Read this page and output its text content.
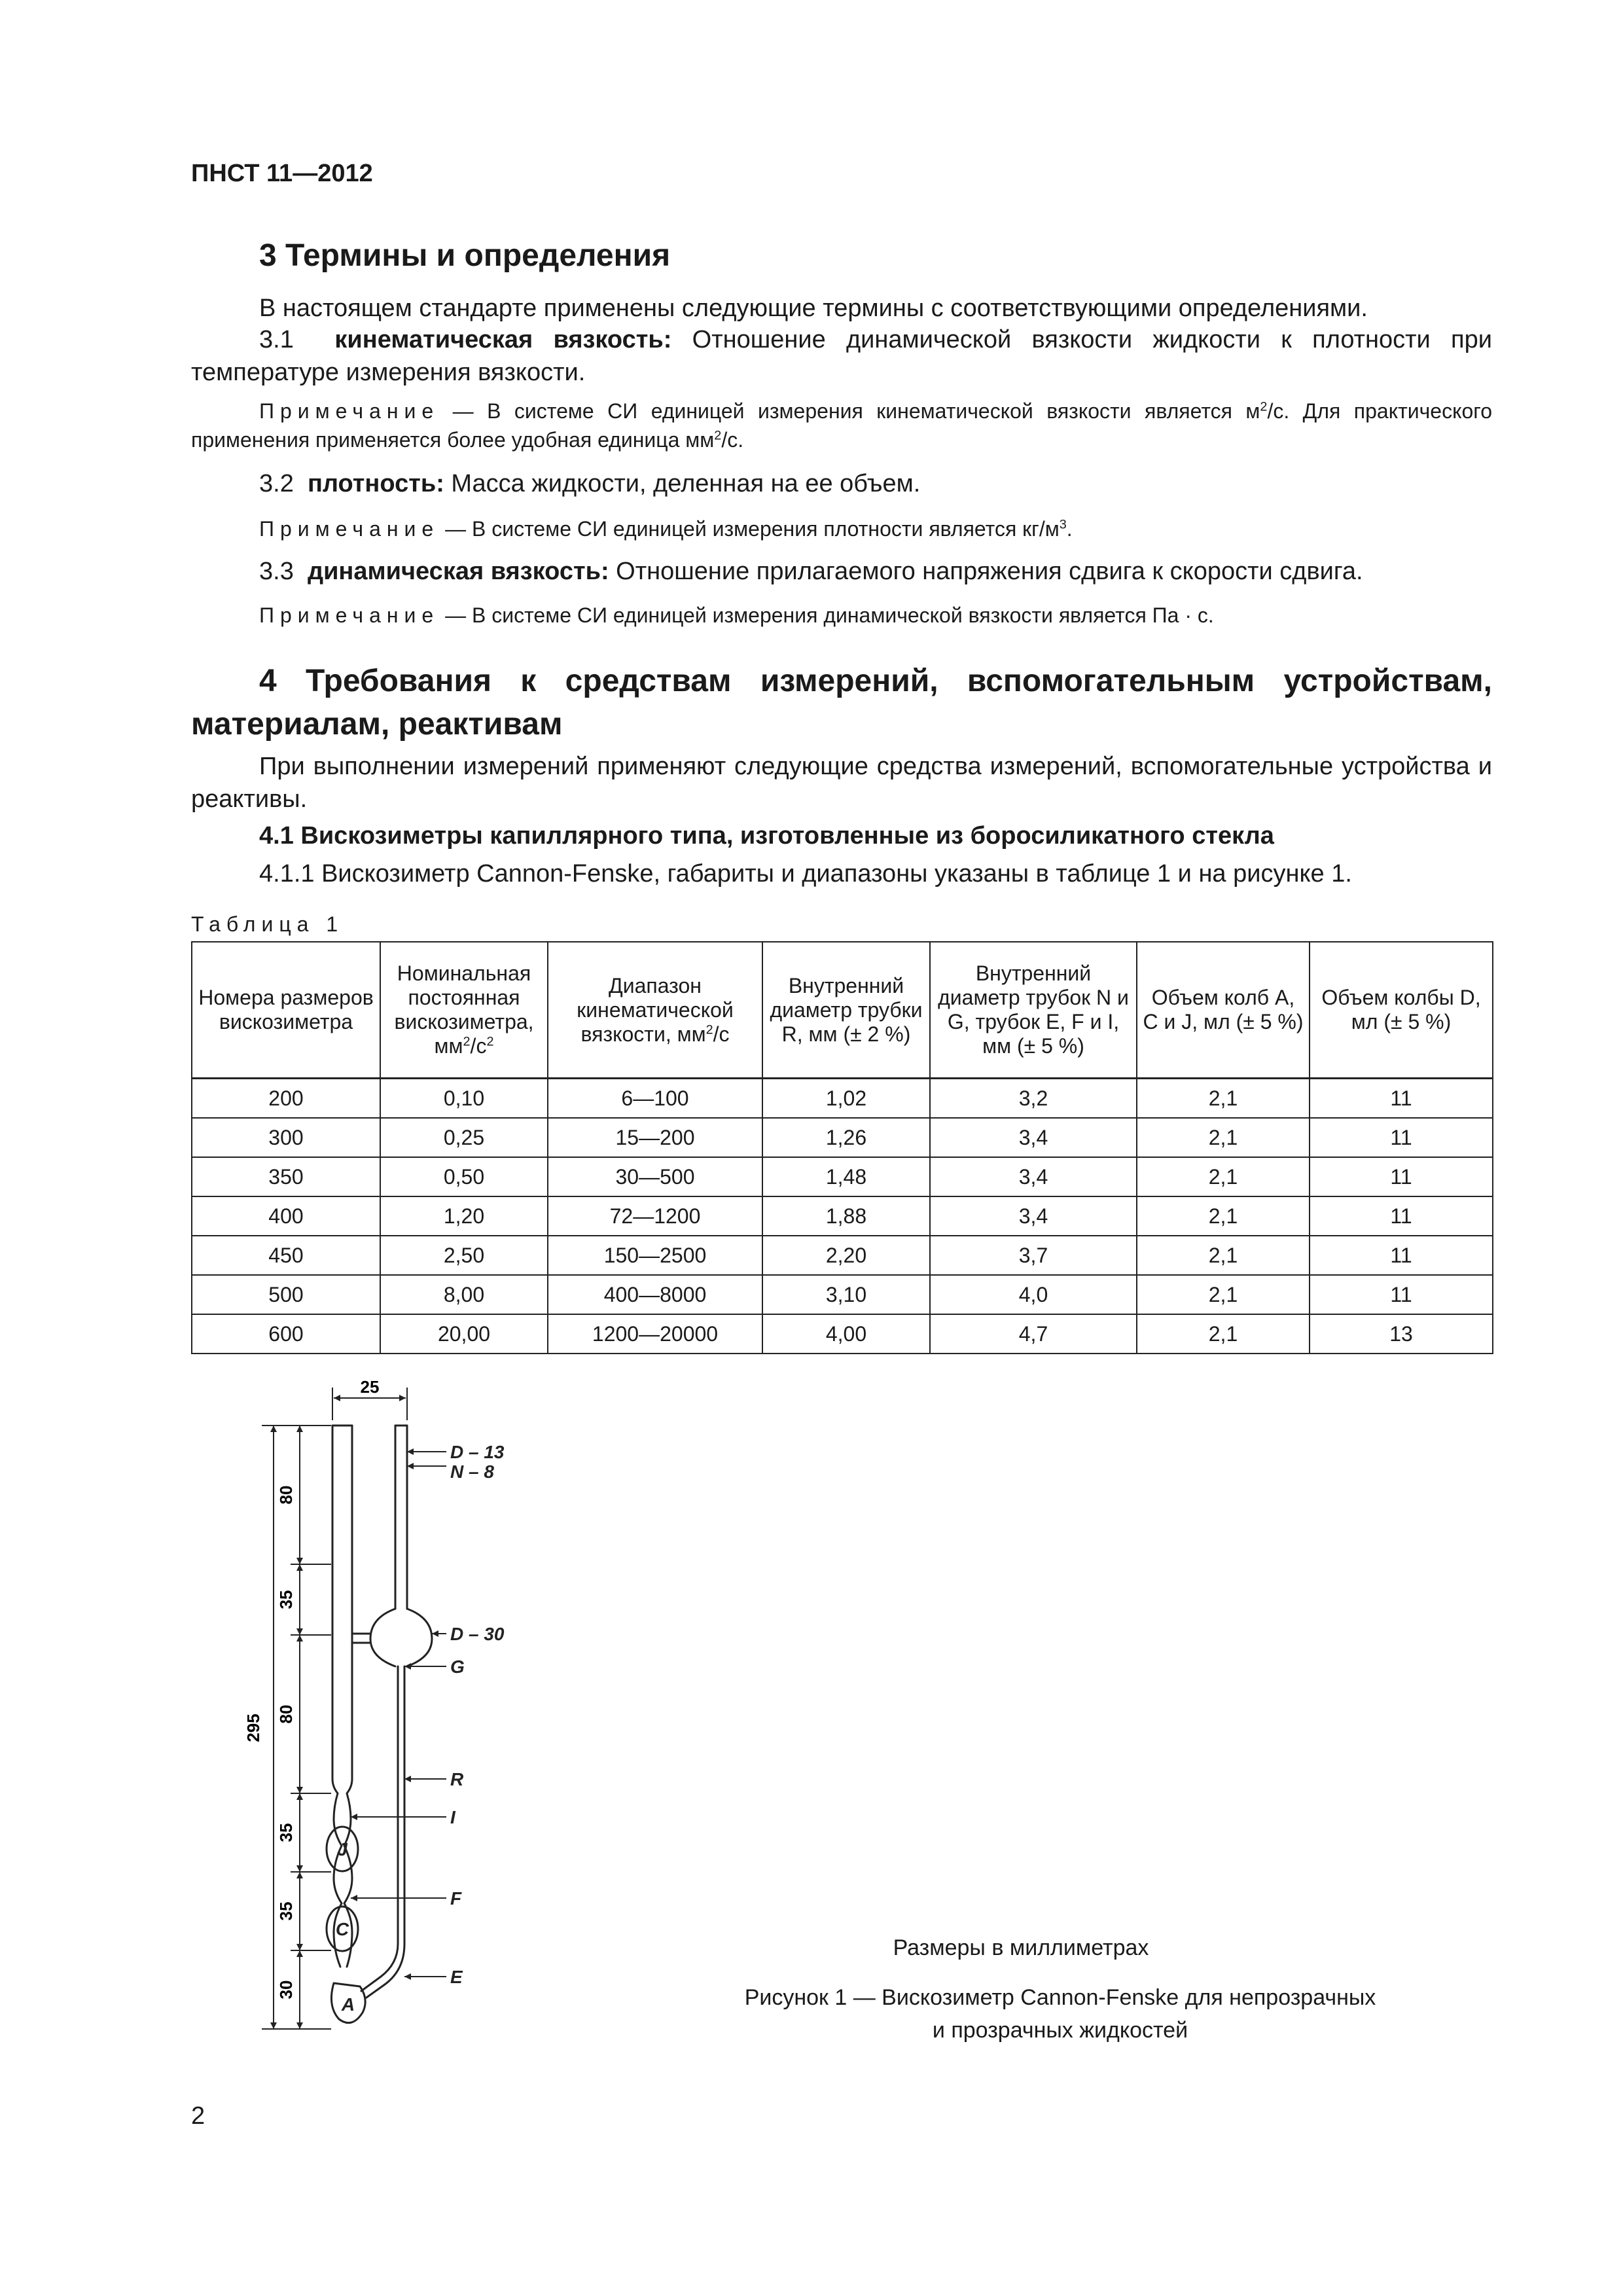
ПНСТ 11—2012
3 Термины и определения
В настоящем стандарте применены следующие термины с соответствующими определениями.
3.1 кинематическая вязкость: Отношение динамической вязкости жидкости к плотности при температуре измерения вязкости.
Примечание — В системе СИ единицей измерения кинематической вязкости является $м^2/с$. Для практического применения применяется более удобная единица $мм^2/с$.
3.2 плотность: Масса жидкости, деленная на ее объем.
Примечание — В системе СИ единицей измерения плотности является $кг/м^3$.
3.3 динамическая вязкость: Отношение прилагаемого напряжения сдвига к скорости сдвига.
Примечание — В системе СИ единицей измерения динамической вязкости является Па · с.
4 Требования к средствам измерений, вспомогательным устройствам, материалам, реактивам
При выполнении измерений применяют следующие средства измерений, вспомогательные устройства и реактивы.
4.1 Вискозиметры капиллярного типа, изготовленные из боросиликатного стекла
4.1.1 Вискозиметр Cannon-Fenske, габариты и диапазоны указаны в таблице 1 и на рисунке 1.
Таблица 1
Номера размеров вискозиметра	Номинальная постоянная вискозиметра, $мм^2/с^2$	Диапазон кинематической вязкости, $мм^2/с$	Внутренний диаметр трубки R, мм (± 2 %)	Внутренний диаметр трубок N и G, трубок E, F и I, мм (± 5 %)	Объем колб A, C и J, мл (± 5 %)	Объем колбы D, мл (± 5 %)
200	0,10	6—100	1,02	3,2	2,1	11
300	0,25	15—200	1,26	3,4	2,1	11
350	0,50	30—500	1,48	3,4	2,1	11
400	1,20	72—1200	1,88	3,4	2,1	11
450	2,50	150—2500	2,20	3,7	2,1	11
500	8,00	400—8000	3,10	4,0	2,1	11
600	20,00	1200—20000	4,00	4,7	2,1	13
25
295
80
35
80
35
35
30
D – 13
N – 8
D – 30
G
R
I
F
E
J
C
A
Размеры в миллиметрах
Рисунок 1 — Вискозиметр Cannon-Fenske для непрозрачных
и прозрачных жидкостей
2
